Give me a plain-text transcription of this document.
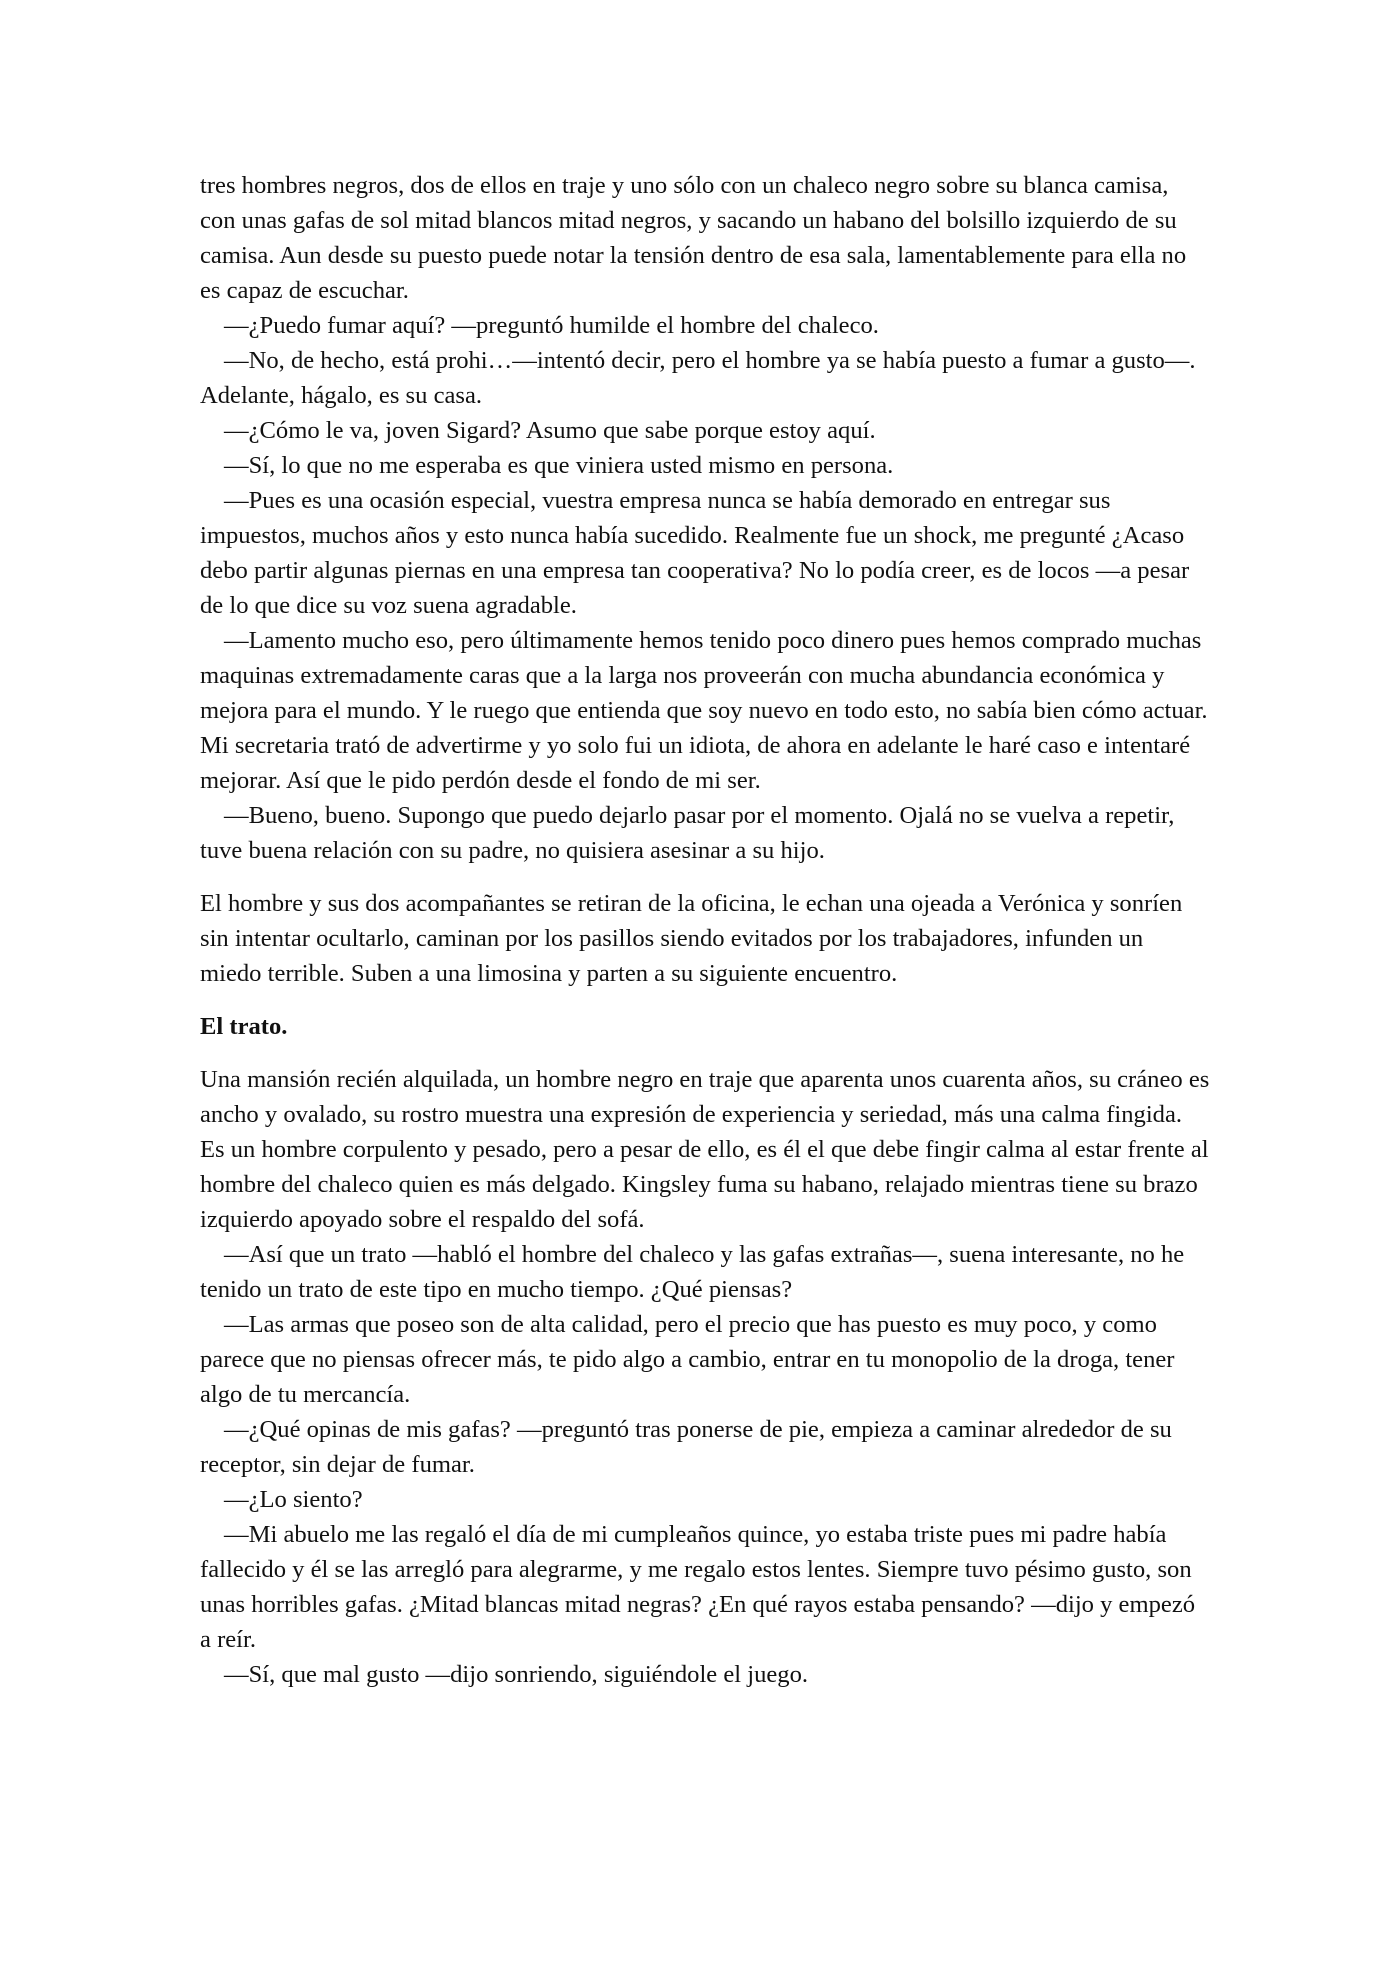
tres hombres negros, dos de ellos en traje y uno sólo con un chaleco negro sobre su blanca camisa, con unas gafas de sol mitad blancos mitad negros, y sacando un habano del bolsillo izquierdo de su camisa. Aun desde su puesto puede notar la tensión dentro de esa sala, lamentablemente para ella no es capaz de escuchar.

—¿Puedo fumar aquí? —preguntó humilde el hombre del chaleco.

—No, de hecho, está prohi…—intentó decir, pero el hombre ya se había puesto a fumar a gusto—. Adelante, hágalo, es su casa.

—¿Cómo le va, joven Sigard? Asumo que sabe porque estoy aquí.

—Sí, lo que no me esperaba es que viniera usted mismo en persona.

—Pues es una ocasión especial, vuestra empresa nunca se había demorado en entregar sus impuestos, muchos años y esto nunca había sucedido. Realmente fue un shock, me pregunté ¿Acaso debo partir algunas piernas en una empresa tan cooperativa? No lo podía creer, es de locos —a pesar de lo que dice su voz suena agradable.

—Lamento mucho eso, pero últimamente hemos tenido poco dinero pues hemos comprado muchas maquinas extremadamente caras que a la larga nos proveerán con mucha abundancia económica y mejora para el mundo. Y le ruego que entienda que soy nuevo en todo esto, no sabía bien cómo actuar. Mi secretaria trató de advertirme y yo solo fui un idiota, de ahora en adelante le haré caso e intentaré mejorar. Así que le pido perdón desde el fondo de mi ser.

—Bueno, bueno. Supongo que puedo dejarlo pasar por el momento. Ojalá no se vuelva a repetir, tuve buena relación con su padre, no quisiera asesinar a su hijo.

El hombre y sus dos acompañantes se retiran de la oficina, le echan una ojeada a Verónica y sonríen sin intentar ocultarlo, caminan por los pasillos siendo evitados por los trabajadores, infunden un miedo terrible. Suben a una limosina y parten a su siguiente encuentro.

El trato.

Una mansión recién alquilada, un hombre negro en traje que aparenta unos cuarenta años, su cráneo es ancho y ovalado, su rostro muestra una expresión de experiencia y seriedad, más una calma fingida. Es un hombre corpulento y pesado, pero a pesar de ello, es él el que debe fingir calma al estar frente al hombre del chaleco quien es más delgado. Kingsley fuma su habano, relajado mientras tiene su brazo izquierdo apoyado sobre el respaldo del sofá.

—Así que un trato —habló el hombre del chaleco y las gafas extrañas—, suena interesante, no he tenido un trato de este tipo en mucho tiempo. ¿Qué piensas?

—Las armas que poseo son de alta calidad, pero el precio que has puesto es muy poco, y como parece que no piensas ofrecer más, te pido algo a cambio, entrar en tu monopolio de la droga, tener algo de tu mercancía.

—¿Qué opinas de mis gafas? —preguntó tras ponerse de pie, empieza a caminar alrededor de su receptor, sin dejar de fumar.

—¿Lo siento?

—Mi abuelo me las regaló el día de mi cumpleaños quince, yo estaba triste pues mi padre había fallecido y él se las arregló para alegrarme, y me regalo estos lentes. Siempre tuvo pésimo gusto, son unas horribles gafas. ¿Mitad blancas mitad negras? ¿En qué rayos estaba pensando? —dijo y empezó a reír.

—Sí, que mal gusto —dijo sonriendo, siguiéndole el juego.
